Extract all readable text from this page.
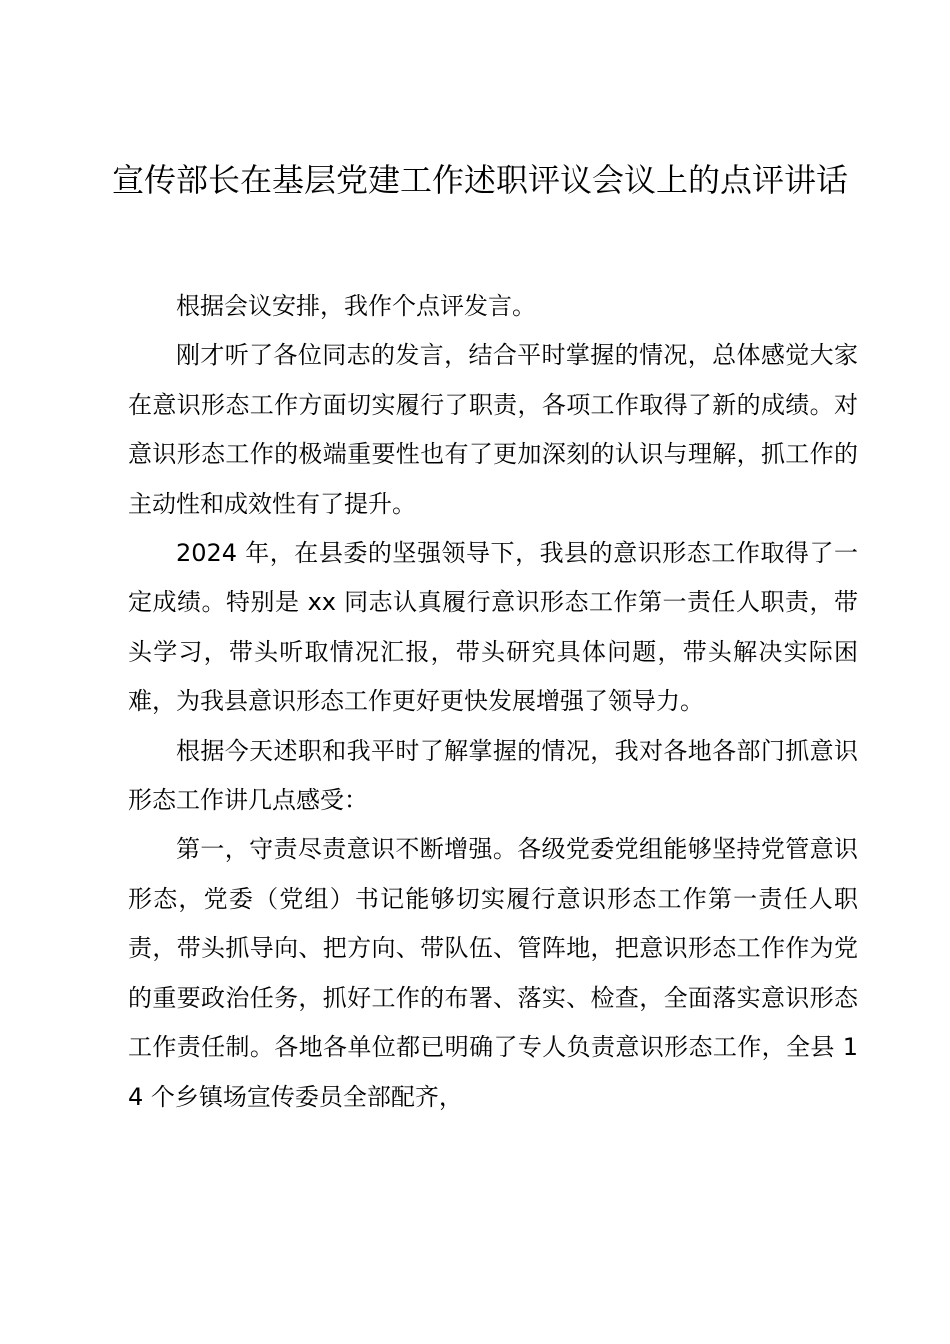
宣传部长在基层党建工作述职评议会议上的点评讲话

根据会议安排，我作个点评发言。

刚才听了各位同志的发言，结合平时掌握的情况，总体感觉大家在意识形态工作方面切实履行了职责，各项工作取得了新的成绩。对意识形态工作的极端重要性也有了更加深刻的认识与理解，抓工作的主动性和成效性有了提升。

2024 年，在县委的坚强领导下，我县的意识形态工作取得了一定成绩。特别是 xx 同志认真履行意识形态工作第一责任人职责，带头学习，带头听取情况汇报，带头研究具体问题，带头解决实际困难，为我县意识形态工作更好更快发展增强了领导力。

根据今天述职和我平时了解掌握的情况，我对各地各部门抓意识形态工作讲几点感受：

第一，守责尽责意识不断增强。各级党委党组能够坚持党管意识形态，党委（党组）书记能够切实履行意识形态工作第一责任人职责，带头抓导向、把方向、带队伍、管阵地，把意识形态工作作为党的重要政治任务，抓好工作的布署、落实、检查，全面落实意识形态工作责任制。各地各单位都已明确了专人负责意识形态工作，全县 14 个乡镇场宣传委员全部配齐，
